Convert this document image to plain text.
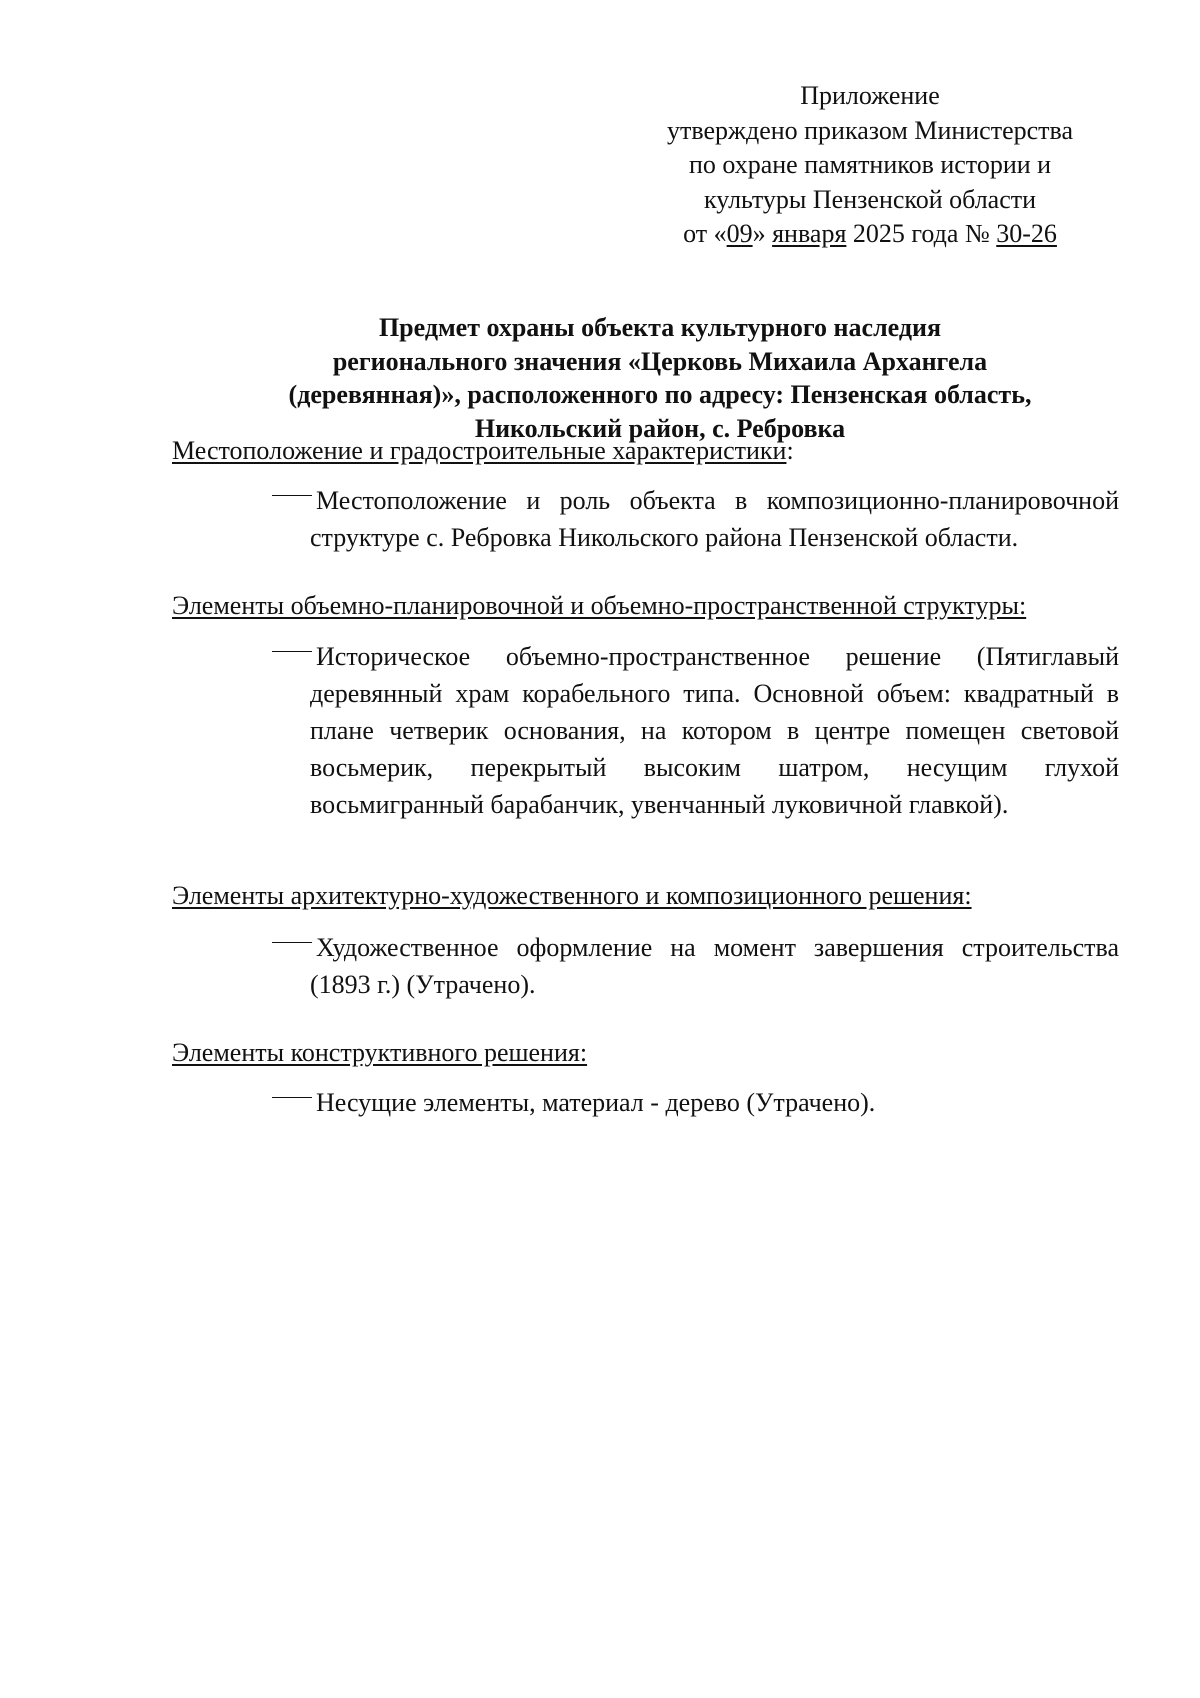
Приложение
утверждено приказом Министерства
по охране памятников истории и
культуры Пензенской области
от «09» января 2025 года № 30-26
Предмет охраны объекта культурного наследия
регионального значения «Церковь Михаила Архангела
(деревянная)», расположенного по адресу: Пензенская область,
Никольский район, с. Ребровка
Местоположение и градостроительные характеристики:
Местоположение и роль объекта в композиционно-планировочной структуре с. Ребровка Никольского района Пензенской области.
Элементы объемно-планировочной и объемно-пространственной структуры:
Историческое объемно-пространственное решение (Пятиглавый деревянный храм корабельного типа. Основной объем: квадратный в плане четверик основания, на котором в центре помещен световой восьмерик, перекрытый высоким шатром, несущим глухой восьмигранный барабанчик, увенчанный луковичной главкой).
Элементы архитектурно-художественного и композиционного решения:
Художественное оформление на момент завершения строительства (1893 г.) (Утрачено).
Элементы конструктивного решения:
Несущие элементы, материал - дерево (Утрачено).
